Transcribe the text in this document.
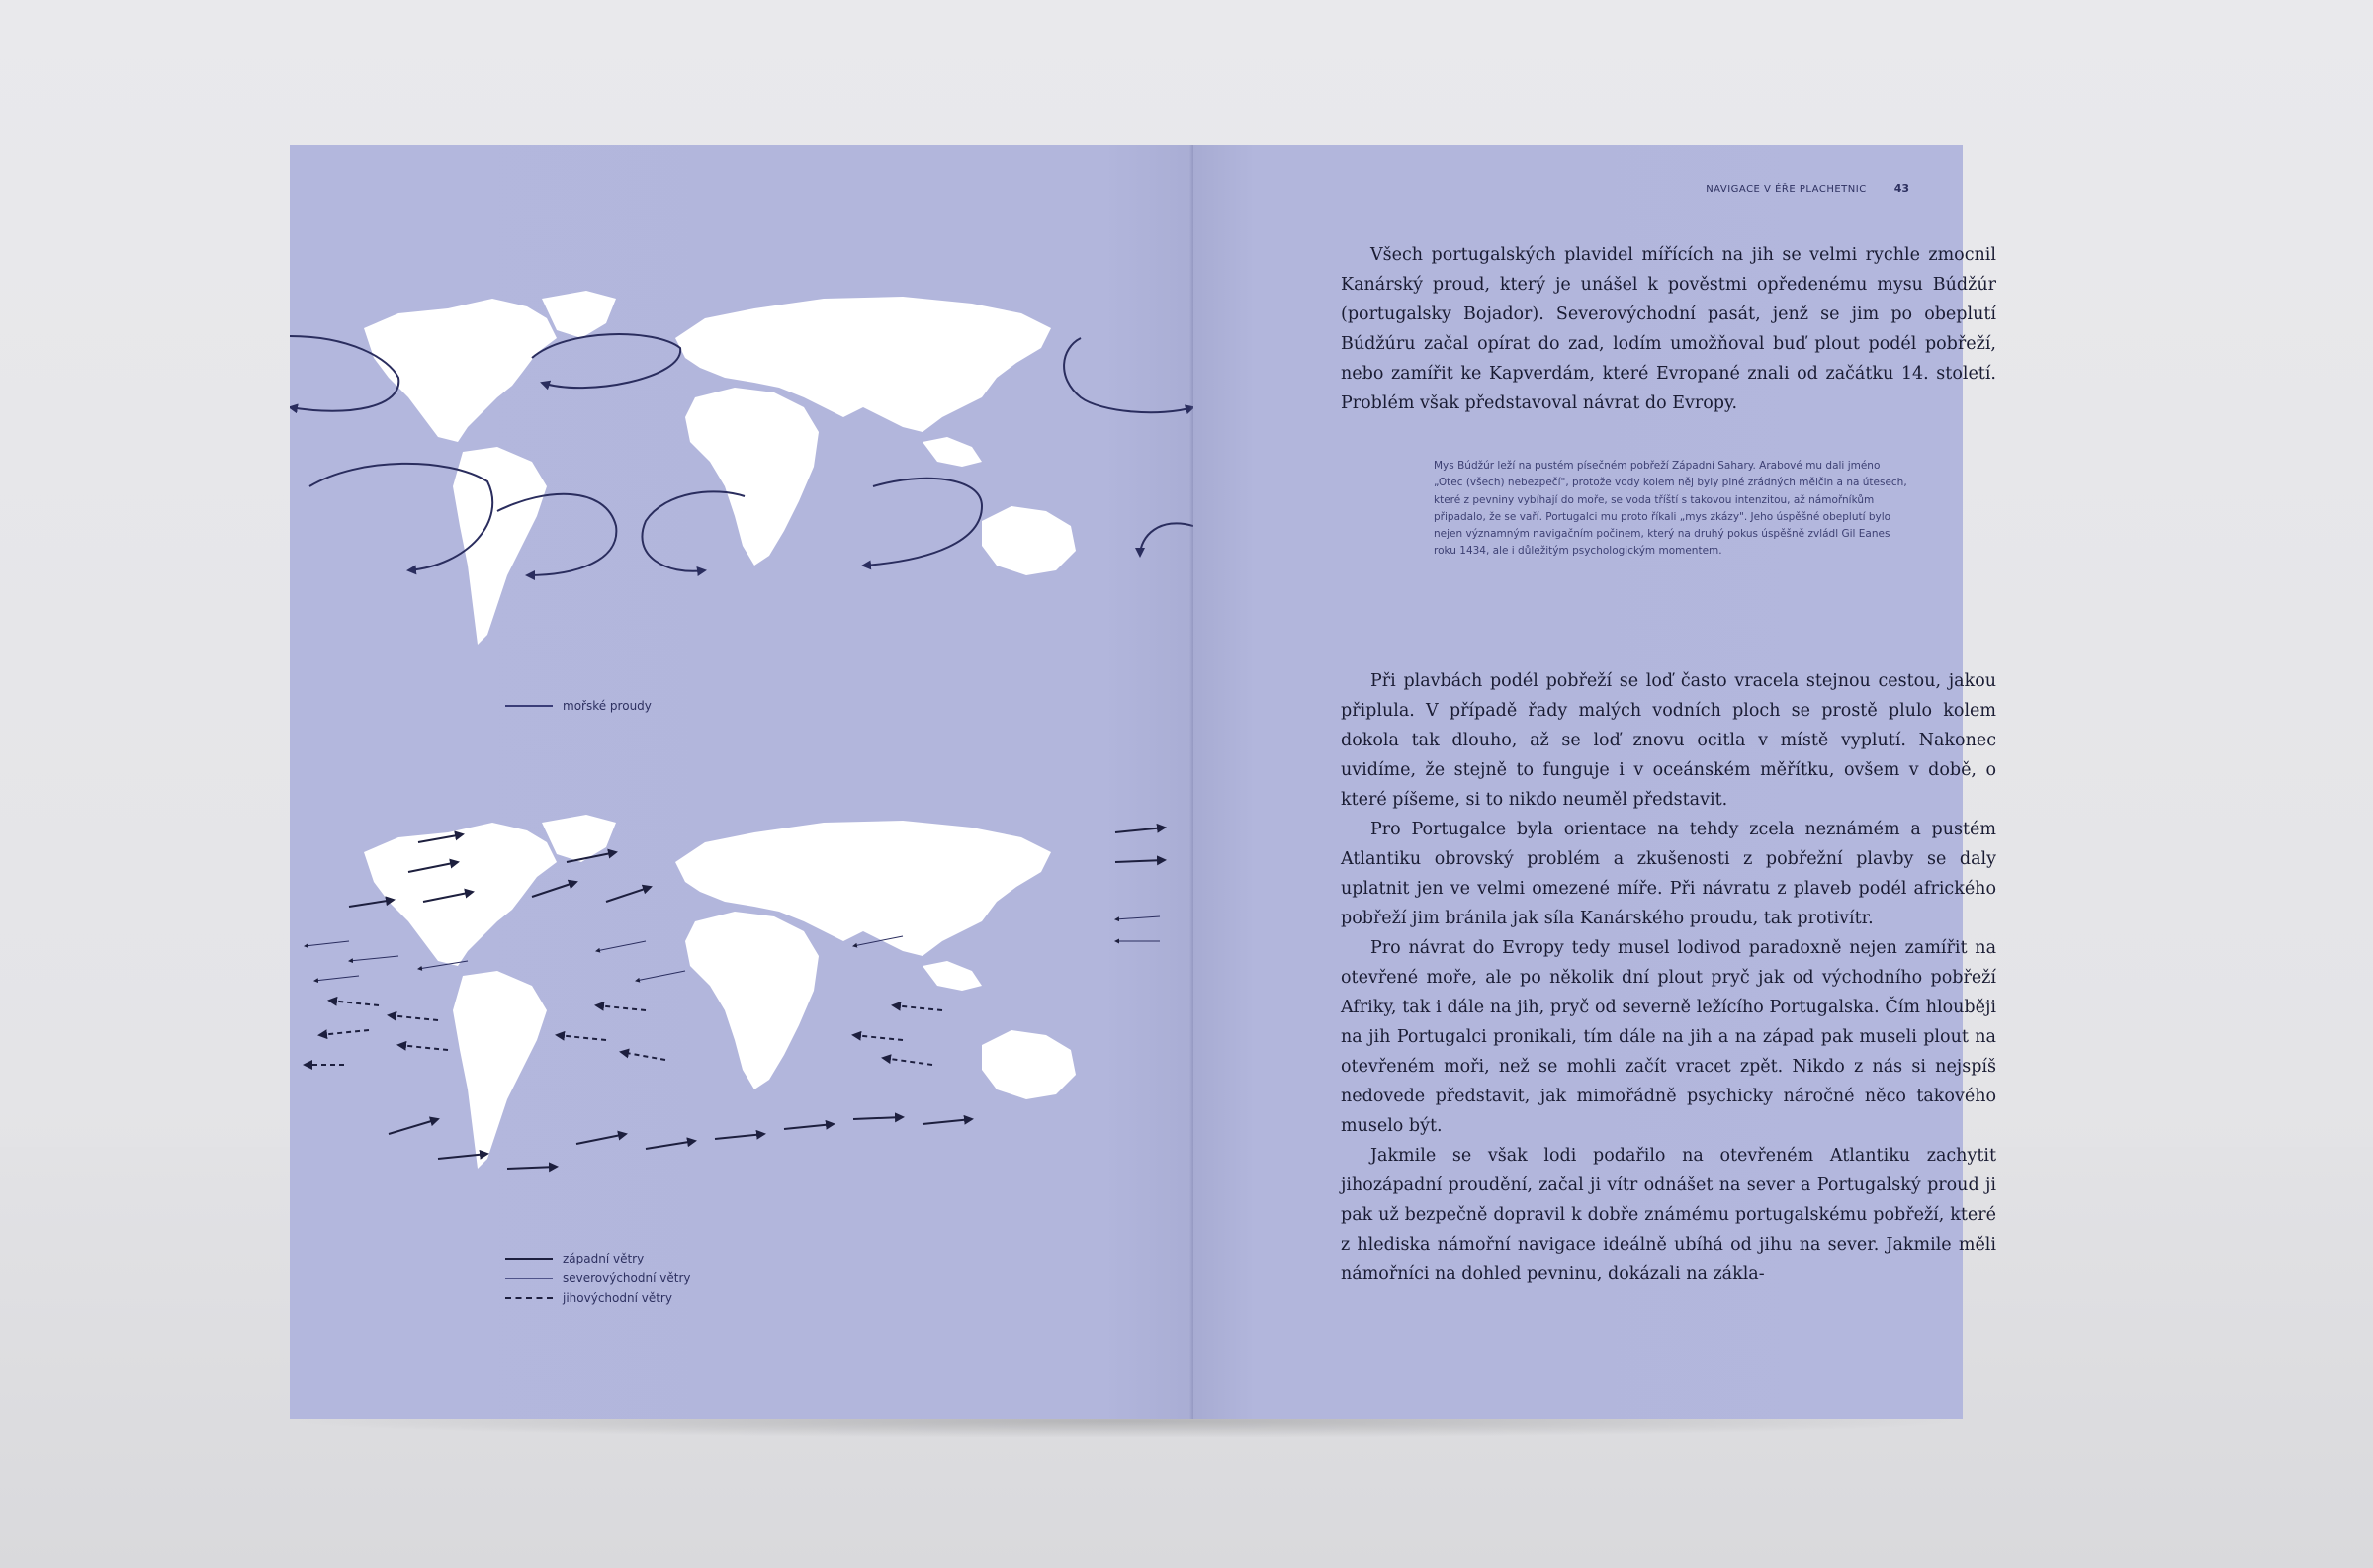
mořské proudy
západní větry
severovýchodní větry
jihovýchodní větry
NAVIGACE V ÉŘE PLACHETNIC	43

Všech portugalských plavidel mířících na jih se velmi rychle zmocnil Kanárský proud, který je unášel k pověstmi opředenému mysu Búdžúr (portugalsky Bojador). Severovýchodní pasát, jenž se jim po obeplutí Búdžúru začal opírat do zad, lodím umožňoval buď plout podél pobřeží, nebo zamířit ke Kapverdám, které Evropané znali od začátku 14. století. Problém však představoval návrat do Evropy.

Mys Búdžúr leží na pustém písečném pobřeží Západní Sahary. Arabové mu dali jméno „Otec (všech) nebezpečí", protože vody kolem něj byly plné zrádných mělčin a na útesech, které z pevniny vybíhají do moře, se voda tříští s takovou intenzitou, až námořníkům připadalo, že se vaří. Portugalci mu proto říkali „mys zkázy". Jeho úspěšné obeplutí bylo nejen významným navigačním počinem, který na druhý pokus úspěšně zvládl Gil Eanes roku 1434, ale i důležitým psychologickým momentem.

Při plavbách podél pobřeží se loď často vracela stejnou cestou, jakou připlula. V případě řady malých vodních ploch se prostě plulo kolem dokola tak dlouho, až se loď znovu ocitla v místě vyplutí. Nakonec uvidíme, že stejně to funguje i v oceánském měřítku, ovšem v době, o které píšeme, si to nikdo neuměl představit.

Pro Portugalce byla orientace na tehdy zcela neznámém a pustém Atlantiku obrovský problém a zkušenosti z pobřežní plavby se daly uplatnit jen ve velmi omezené míře. Při návratu z plaveb podél afrického pobřeží jim bránila jak síla Kanárského proudu, tak protivítr.

Pro návrat do Evropy tedy musel lodivod paradoxně nejen zamířit na otevřené moře, ale po několik dní plout pryč jak od východního pobřeží Afriky, tak i dále na jih, pryč od severně ležícího Portugalska. Čím hlouběji na jih Portugalci pronikali, tím dále na jih a na západ pak museli plout na otevřeném moři, než se mohli začít vracet zpět. Nikdo z nás si nejspíš nedovede představit, jak mimořádně psychicky náročné něco takového muselo být.

Jakmile se však lodi podařilo na otevřeném Atlantiku zachytit jihozápadní proudění, začal ji vítr odnášet na sever a Portugalský proud ji pak už bezpečně dopravil k dobře známému portugalskému pobřeží, které z hlediska námořní navigace ideálně ubíhá od jihu na sever. Jakmile měli námořníci na dohled pevninu, dokázali na zákla-
